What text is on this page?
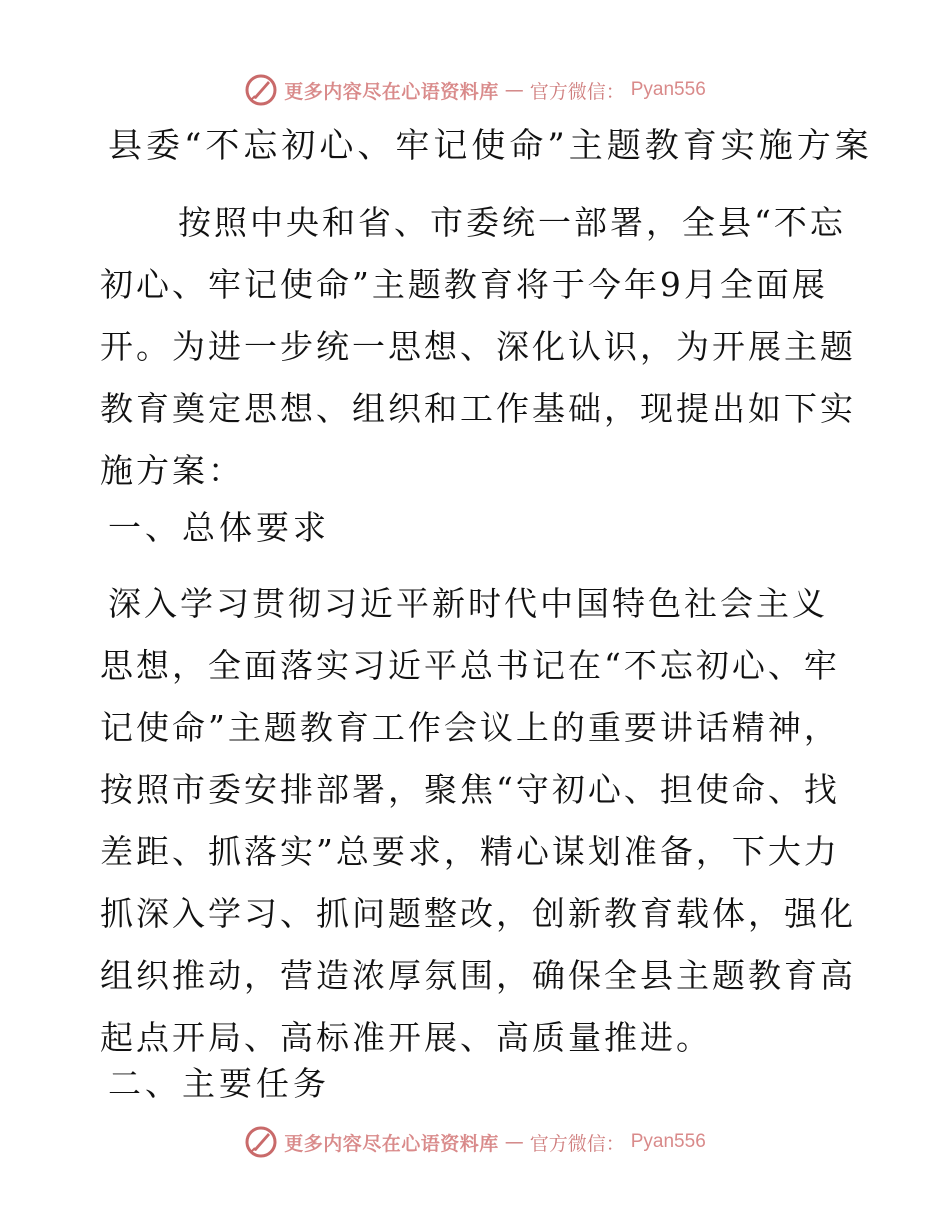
更多内容尽在心语资料库 — 官方微信： Pyan556
县委“不忘初心、牢记使命”主题教育实施方案

按照中央和省、市委统一部署，全县“不忘初心、牢记使命”主题教育将于今年9月全面展开。为进一步统一思想、深化认识，为开展主题教育奠定思想、组织和工作基础，现提出如下实施方案：

一、总体要求

深入学习贯彻习近平新时代中国特色社会主义思想，全面落实习近平总书记在“不忘初心、牢记使命”主题教育工作会议上的重要讲话精神，按照市委安排部署，聚焦“守初心、担使命、找差距、抓落实”总要求，精心谋划准备，下大力抓深入学习、抓问题整改，创新教育载体，强化组织推动，营造浓厚氛围，确保全县主题教育高起点开局、高标准开展、高质量推进。

二、主要任务
更多内容尽在心语资料库 — 官方微信： Pyan556
